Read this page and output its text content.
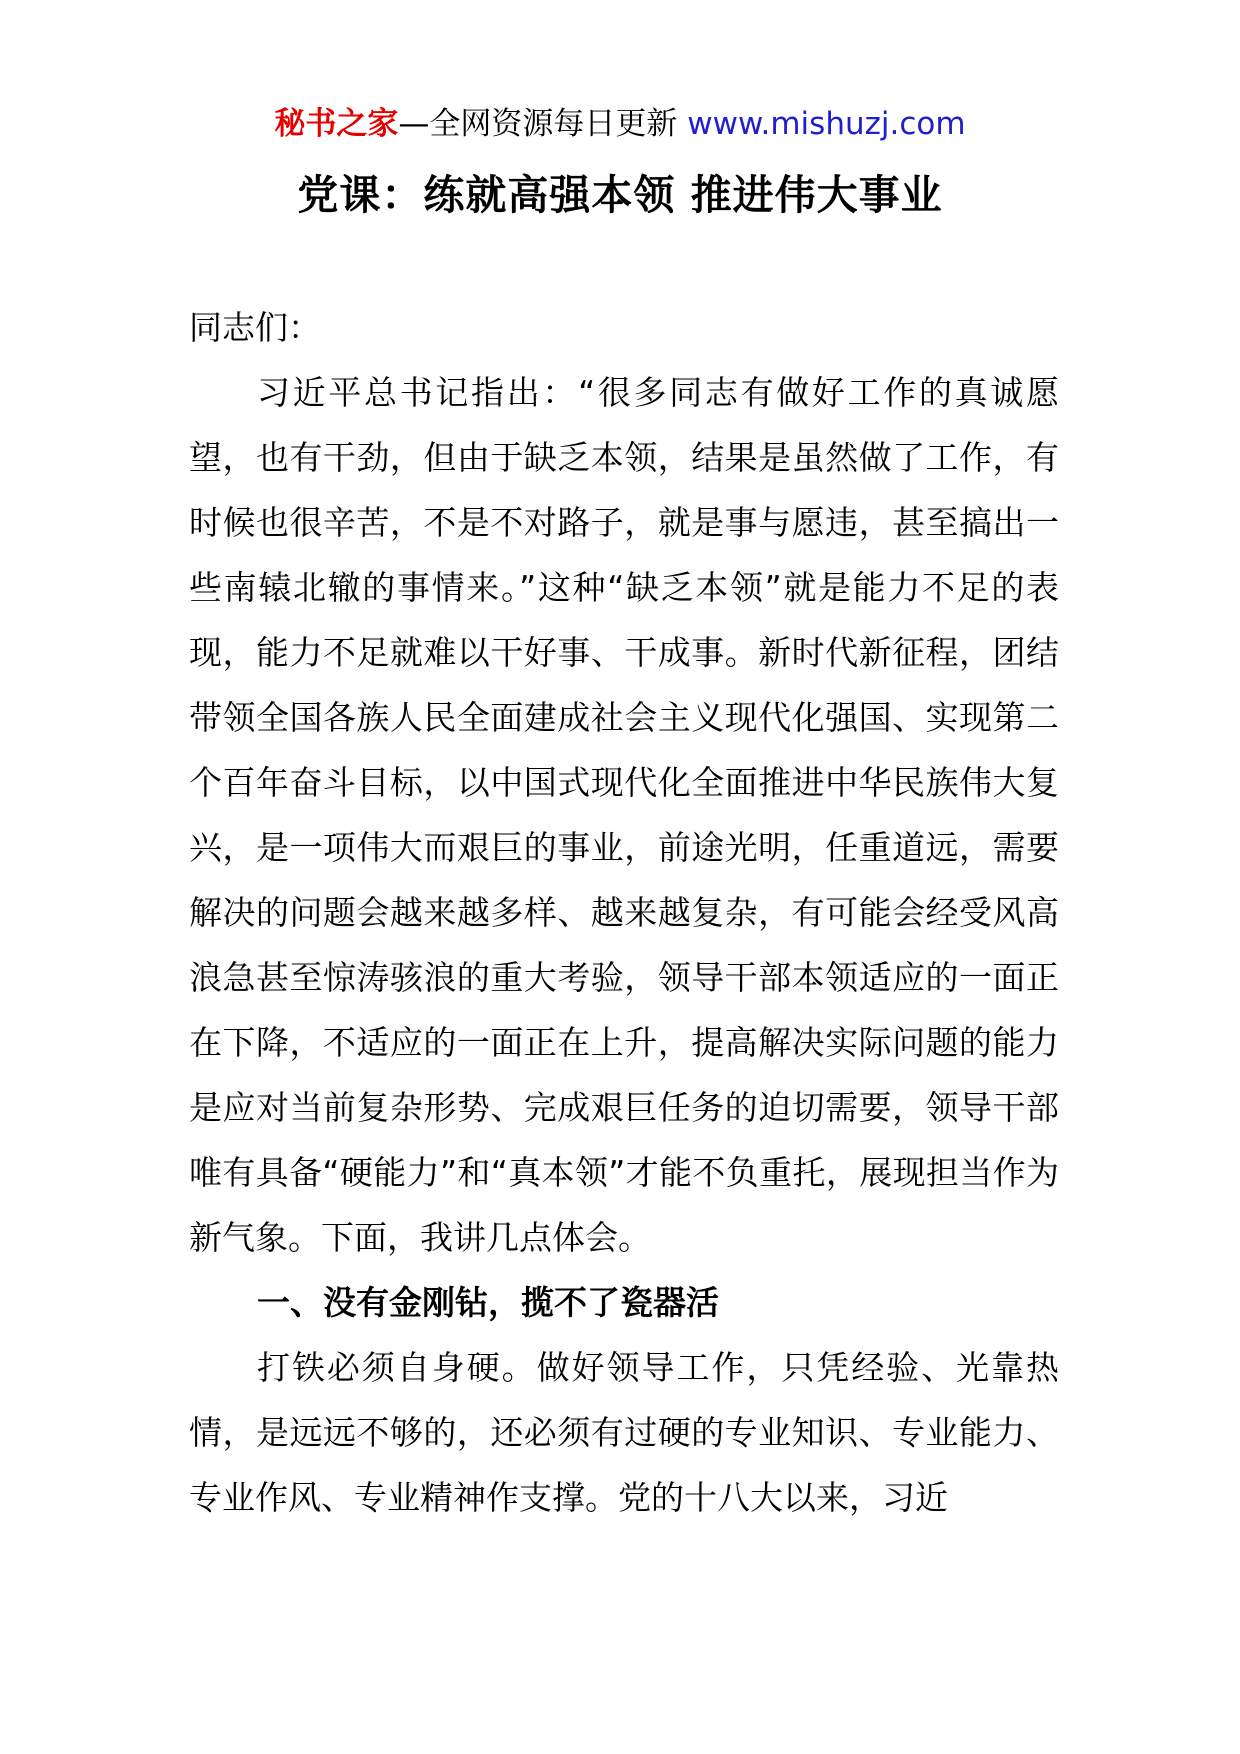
秘书之家—全网资源每日更新 www.mishuzj.com
党课：练就高强本领 推进伟大事业

同志们：

习近平总书记指出：“很多同志有做好工作的真诚愿望，也有干劲，但由于缺乏本领，结果是虽然做了工作，有时候也很辛苦，不是不对路子，就是事与愿违，甚至搞出一些南辕北辙的事情来。”这种“缺乏本领”就是能力不足的表现，能力不足就难以干好事、干成事。新时代新征程，团结带领全国各族人民全面建成社会主义现代化强国、实现第二个百年奋斗目标，以中国式现代化全面推进中华民族伟大复兴，是一项伟大而艰巨的事业，前途光明，任重道远，需要解决的问题会越来越多样、越来越复杂，有可能会经受风高浪急甚至惊涛骇浪的重大考验，领导干部本领适应的一面正在下降，不适应的一面正在上升，提高解决实际问题的能力是应对当前复杂形势、完成艰巨任务的迫切需要，领导干部唯有具备“硬能力”和“真本领”才能不负重托，展现担当作为新气象。下面，我讲几点体会。

一、没有金刚钻，揽不了瓷器活

打铁必须自身硬。做好领导工作，只凭经验、光靠热情，是远远不够的，还必须有过硬的专业知识、专业能力、专业作风、专业精神作支撑。党的十八大以来，习近
